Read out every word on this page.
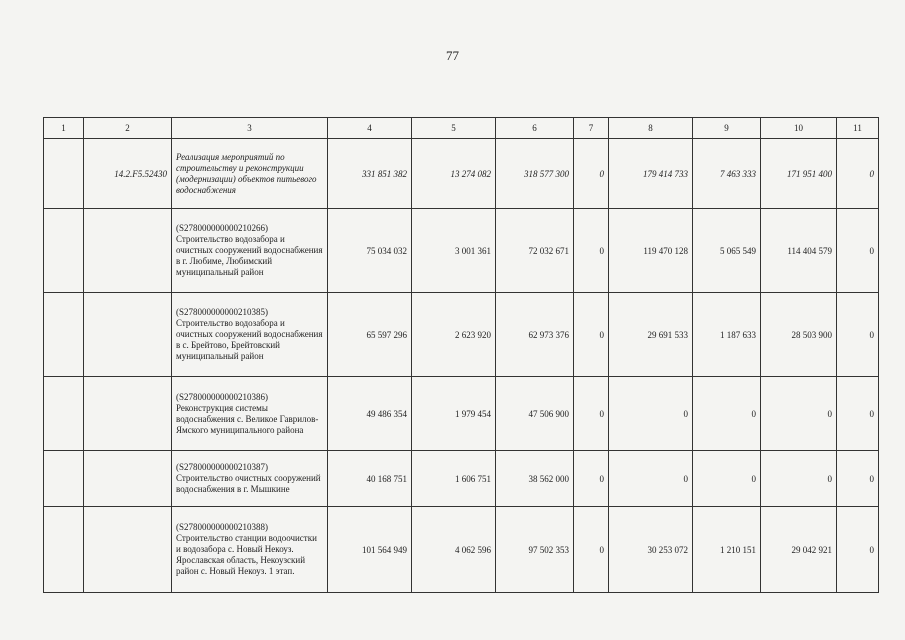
77
1	2	3	4	5	6	7	8	9	10	11
	14.2.F5.52430	Реализация мероприятий по строительству и реконструкции (модернизации) объектов питьевого водоснабжения	331 851 382	13 274 082	318 577 300	0	179 414 733	7 463 333	171 951 400	0
		(S278000000000210266) Строительство водозабора и очистных сооружений водоснабжения в г. Любиме, Любимский муниципальный район	75 034 032	3 001 361	72 032 671	0	119 470 128	5 065 549	114 404 579	0
		(S278000000000210385) Строительство водозабора и очистных сооружений водоснабжения в с. Брейтово, Брейтовский муниципальный район	65 597 296	2 623 920	62 973 376	0	29 691 533	1 187 633	28 503 900	0
		(S278000000000210386) Реконструкция системы водоснабжения с. Великое Гаврилов-Ямского муниципального района	49 486 354	1 979 454	47 506 900	0	0	0	0	0
		(S278000000000210387) Строительство очистных сооружений водоснабжения в г. Мышкине	40 168 751	1 606 751	38 562 000	0	0	0	0	0
		(S278000000000210388) Строительство станции водоочистки и водозабора с. Новый Некоуз. Ярославская область, Некоузский район с. Новый Некоуз. 1 этап.	101 564 949	4 062 596	97 502 353	0	30 253 072	1 210 151	29 042 921	0
